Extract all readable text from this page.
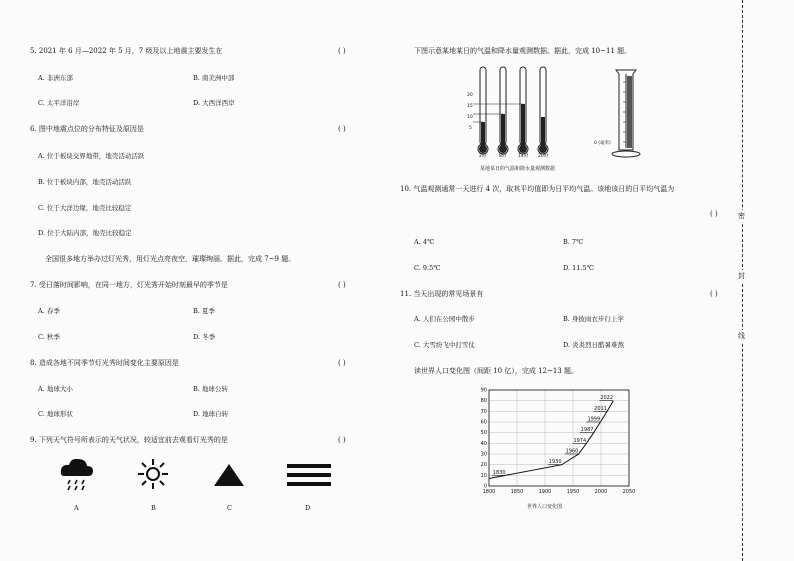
5. 2021 年 6 月—2022 年 5 月，7 级及以上地震主要发生在	( )
A. 非洲东部	B. 南美洲中部
C. 太平洋沿岸	D. 大西洋西岸
6. 图中地震点位的分布特征及原因是	( )
A. 位于板块交界地带，地壳活动活跃
B. 位于板块内部，地壳活动活跃
C. 位于大洋边缘，地壳比较稳定
D. 位于大陆内部，地壳比较稳定
全国很多地方举办过灯光秀，用灯光点亮夜空，璀璨绚丽。据此，完成 7~9 题。
7. 受日落时间影响，在同一地方，灯光秀开始时刻最早的季节是	( )
A. 春季	B. 夏季
C. 秋季	D. 冬季
8. 造成各地不同季节灯光秀时间变化主要原因是	( )
A. 地球大小	B. 地球公转
C. 地球形状	D. 地球自转
9. 下列天气符号所表示的天气状况，较适宜前去观看灯光秀的是	( )
A	B	C	D
下图示意某地某日的气温和降水量观测数据。据此，完成 10~11 题。
20
15
10
5
2时	8时	14时 20时
0 (毫米)
某地某日的气温和降水量观测数据
10. 气温观测通常一天进行 4 次，取其平均值即为日平均气温。该地该日的日平均气温为
( )
A. 4℃	B. 7℃
C. 9.5℃	D. 11.5℃
11. 当天出现的常见场景有	( )
A. 人们在公园中散步	B. 身披雨衣步行上学
C. 大雪纷飞中打雪仗	D. 炎炎烈日酷暑难熬
读世界人口变化图（间距 10 亿），完成 12~13 题。
0
10
20
30
40
50
60
70
80
90
1800	1850	1900	1950	2000	2050
1830
1930
1960
1974
1987
1999
2011
2022
世界人口变化图
密
封
线
